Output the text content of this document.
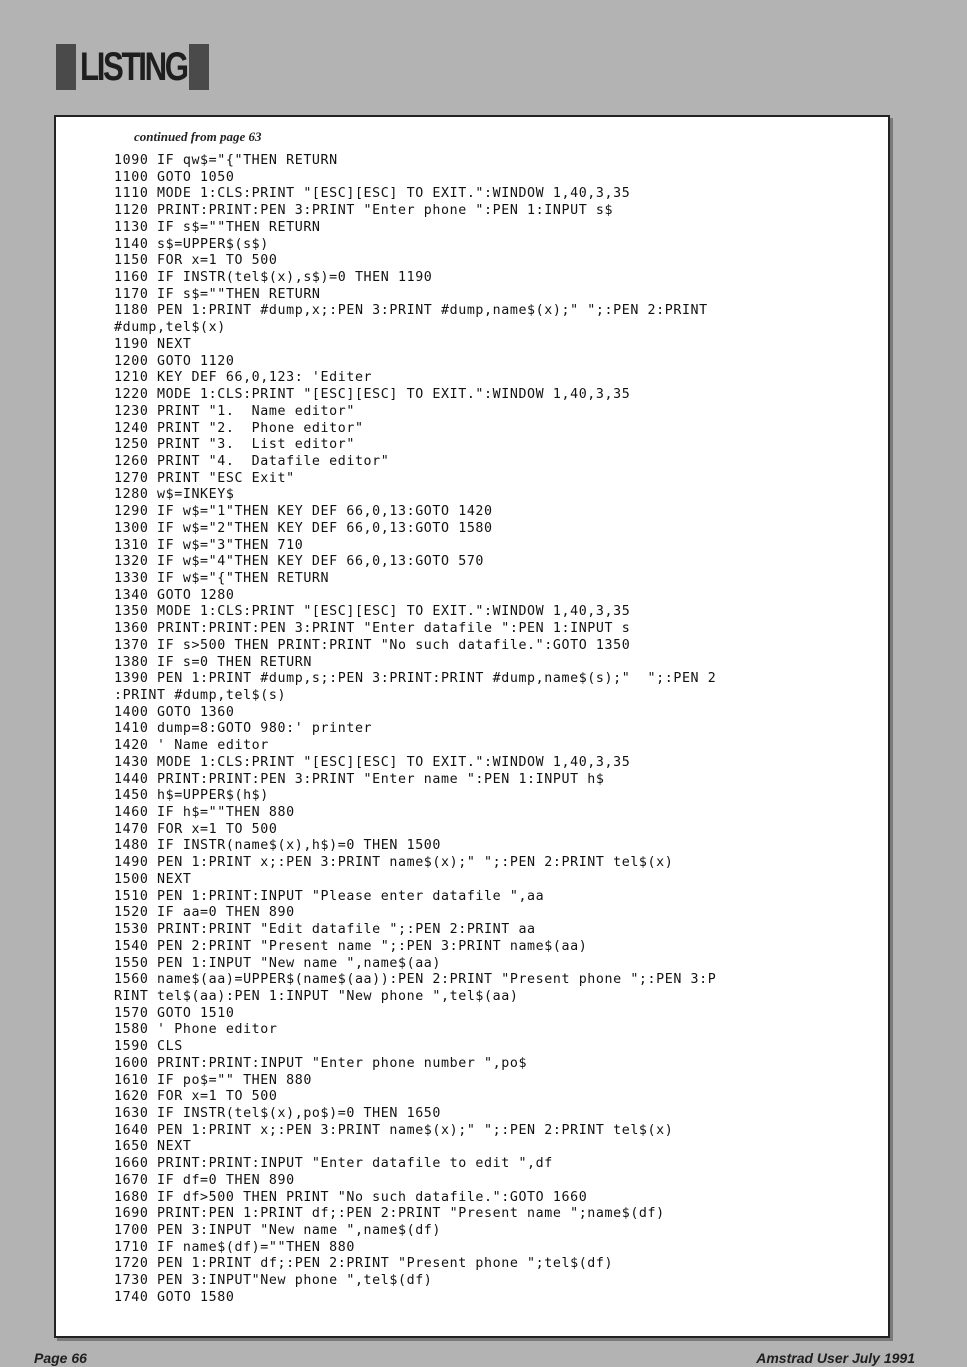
LISTING
continued from page 63
1090 IF qw$="{"THEN RETURN
1100 GOTO 1050
1110 MODE 1:CLS:PRINT "[ESC][ESC] TO EXIT.":WINDOW 1,40,3,35
1120 PRINT:PRINT:PEN 3:PRINT "Enter phone ":PEN 1:INPUT s$
1130 IF s$=""THEN RETURN
1140 s$=UPPER$(s$)
1150 FOR x=1 TO 500
1160 IF INSTR(tel$(x),s$)=0 THEN 1190
1170 IF s$=""THEN RETURN
1180 PEN 1:PRINT #dump,x;:PEN 3:PRINT #dump,name$(x);" ";:PEN 2:PRINT
#dump,tel$(x)
1190 NEXT
1200 GOTO 1120
1210 KEY DEF 66,0,123: 'Editer
1220 MODE 1:CLS:PRINT "[ESC][ESC] TO EXIT.":WINDOW 1,40,3,35
1230 PRINT "1.  Name editor"
1240 PRINT "2.  Phone editor"
1250 PRINT "3.  List editor"
1260 PRINT "4.  Datafile editor"
1270 PRINT "ESC Exit"
1280 w$=INKEY$
1290 IF w$="1"THEN KEY DEF 66,0,13:GOTO 1420
1300 IF w$="2"THEN KEY DEF 66,0,13:GOTO 1580
1310 IF w$="3"THEN 710
1320 IF w$="4"THEN KEY DEF 66,0,13:GOTO 570
1330 IF w$="{"THEN RETURN
1340 GOTO 1280
1350 MODE 1:CLS:PRINT "[ESC][ESC] TO EXIT.":WINDOW 1,40,3,35
1360 PRINT:PRINT:PEN 3:PRINT "Enter datafile ":PEN 1:INPUT s
1370 IF s>500 THEN PRINT:PRINT "No such datafile.":GOTO 1350
1380 IF s=0 THEN RETURN
1390 PEN 1:PRINT #dump,s;:PEN 3:PRINT:PRINT #dump,name$(s);"  ";:PEN 2
:PRINT #dump,tel$(s)
1400 GOTO 1360
1410 dump=8:GOTO 980:' printer
1420 ' Name editor
1430 MODE 1:CLS:PRINT "[ESC][ESC] TO EXIT.":WINDOW 1,40,3,35
1440 PRINT:PRINT:PEN 3:PRINT "Enter name ":PEN 1:INPUT h$
1450 h$=UPPER$(h$)
1460 IF h$=""THEN 880
1470 FOR x=1 TO 500
1480 IF INSTR(name$(x),h$)=0 THEN 1500
1490 PEN 1:PRINT x;:PEN 3:PRINT name$(x);" ";:PEN 2:PRINT tel$(x)
1500 NEXT
1510 PEN 1:PRINT:INPUT "Please enter datafile ",aa
1520 IF aa=0 THEN 890
1530 PRINT:PRINT "Edit datafile ";:PEN 2:PRINT aa
1540 PEN 2:PRINT "Present name ";:PEN 3:PRINT name$(aa)
1550 PEN 1:INPUT "New name ",name$(aa)
1560 name$(aa)=UPPER$(name$(aa)):PEN 2:PRINT "Present phone ";:PEN 3:P
RINT tel$(aa):PEN 1:INPUT "New phone ",tel$(aa)
1570 GOTO 1510
1580 ' Phone editor
1590 CLS
1600 PRINT:PRINT:INPUT "Enter phone number ",po$
1610 IF po$="" THEN 880
1620 FOR x=1 TO 500
1630 IF INSTR(tel$(x),po$)=0 THEN 1650
1640 PEN 1:PRINT x;:PEN 3:PRINT name$(x);" ";:PEN 2:PRINT tel$(x)
1650 NEXT
1660 PRINT:PRINT:INPUT "Enter datafile to edit ",df
1670 IF df=0 THEN 890
1680 IF df>500 THEN PRINT "No such datafile.":GOTO 1660
1690 PRINT:PEN 1:PRINT df;:PEN 2:PRINT "Present name ";name$(df)
1700 PEN 3:INPUT "New name ",name$(df)
1710 IF name$(df)=""THEN 880
1720 PEN 1:PRINT df;:PEN 2:PRINT "Present phone ";tel$(df)
1730 PEN 3:INPUT"New phone ",tel$(df)
1740 GOTO 1580
Page 66	Amstrad User July 1991
